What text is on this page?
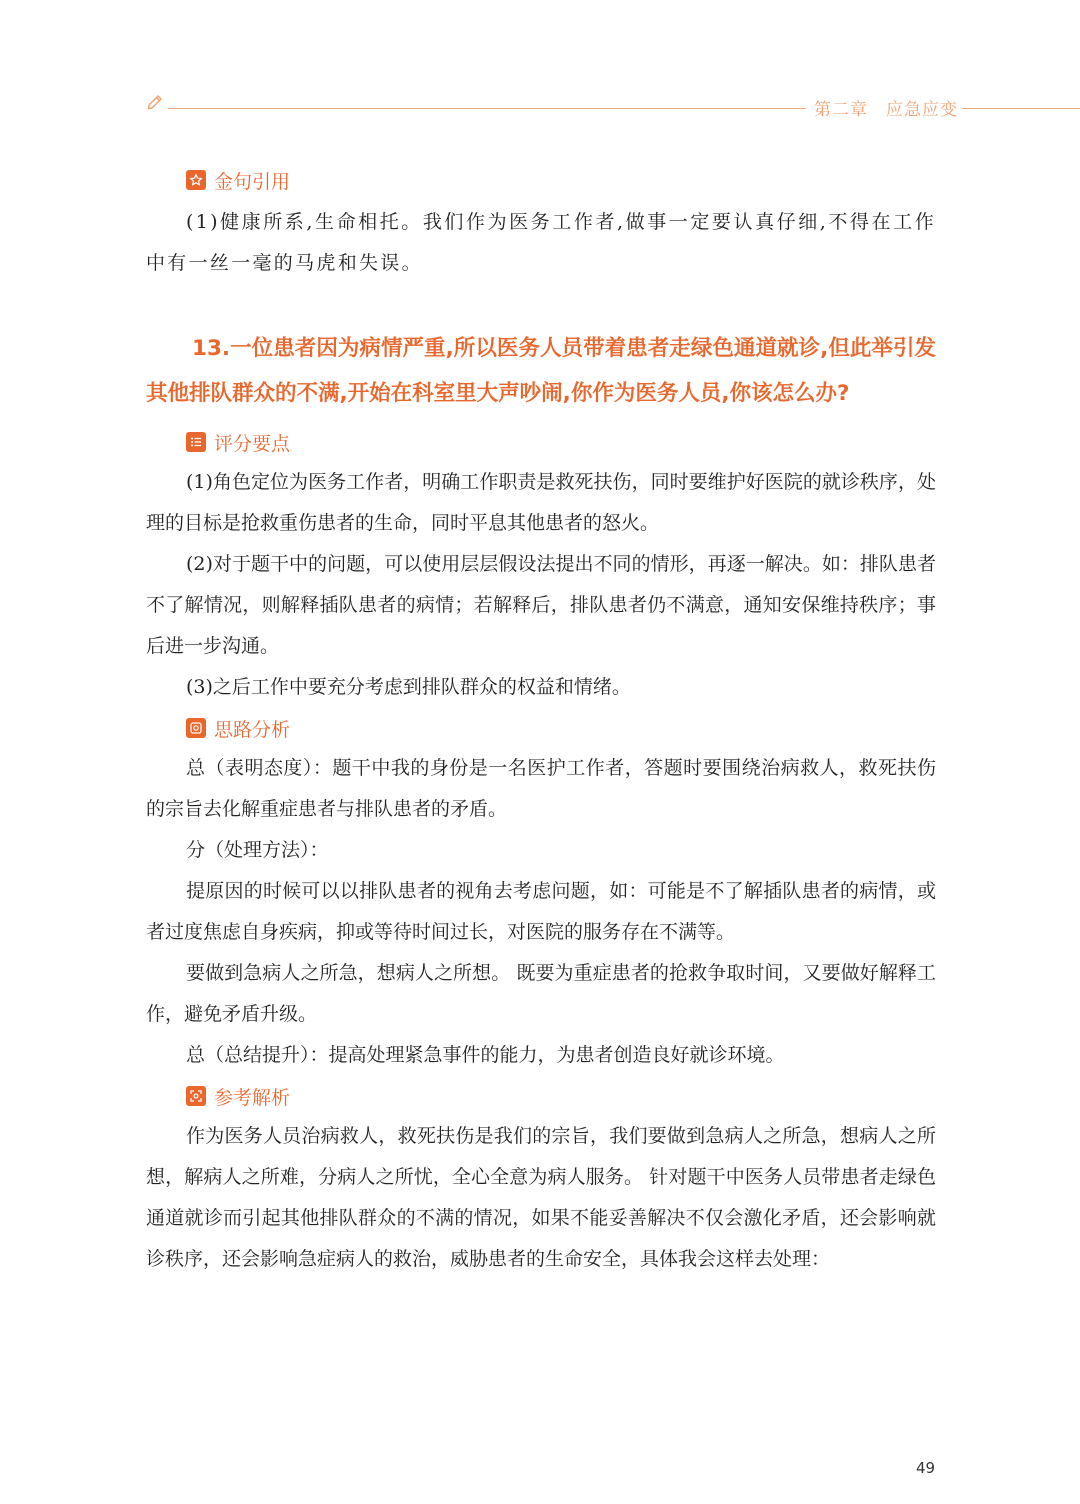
第二章　应急应变
金句引用

(1)健康所系,生命相托。我们作为医务工作者,做事一定要认真仔细,不得在工作中有一丝一毫的马虎和失误。

13.一位患者因为病情严重,所以医务人员带着患者走绿色通道就诊,但此举引发其他排队群众的不满,开始在科室里大声吵闹,你作为医务人员,你该怎么办?
评分要点

(1)角色定位为医务工作者，明确工作职责是救死扶伤，同时要维护好医院的就诊秩序，处理的目标是抢救重伤患者的生命，同时平息其他患者的怒火。

(2)对于题干中的问题，可以使用层层假设法提出不同的情形，再逐一解决。如：排队患者不了解情况，则解释插队患者的病情；若解释后，排队患者仍不满意，通知安保维持秩序；事后进一步沟通。

(3)之后工作中要充分考虑到排队群众的权益和情绪。

思路分析

总（表明态度）：题干中我的身份是一名医护工作者，答题时要围绕治病救人，救死扶伤的宗旨去化解重症患者与排队患者的矛盾。

分（处理方法）：

提原因的时候可以以排队患者的视角去考虑问题，如：可能是不了解插队患者的病情，或者过度焦虑自身疾病，抑或等待时间过长，对医院的服务存在不满等。

要做到急病人之所急，想病人之所想。 既要为重症患者的抢救争取时间，又要做好解释工作，避免矛盾升级。

总（总结提升）：提高处理紧急事件的能力，为患者创造良好就诊环境。

参考解析

作为医务人员治病救人，救死扶伤是我们的宗旨，我们要做到急病人之所急，想病人之所想，解病人之所难，分病人之所忧，全心全意为病人服务。 针对题干中医务人员带患者走绿色通道就诊而引起其他排队群众的不满的情况，如果不能妥善解决不仅会激化矛盾，还会影响就诊秩序，还会影响急症病人的救治，威胁患者的生命安全，具体我会这样去处理：

49
